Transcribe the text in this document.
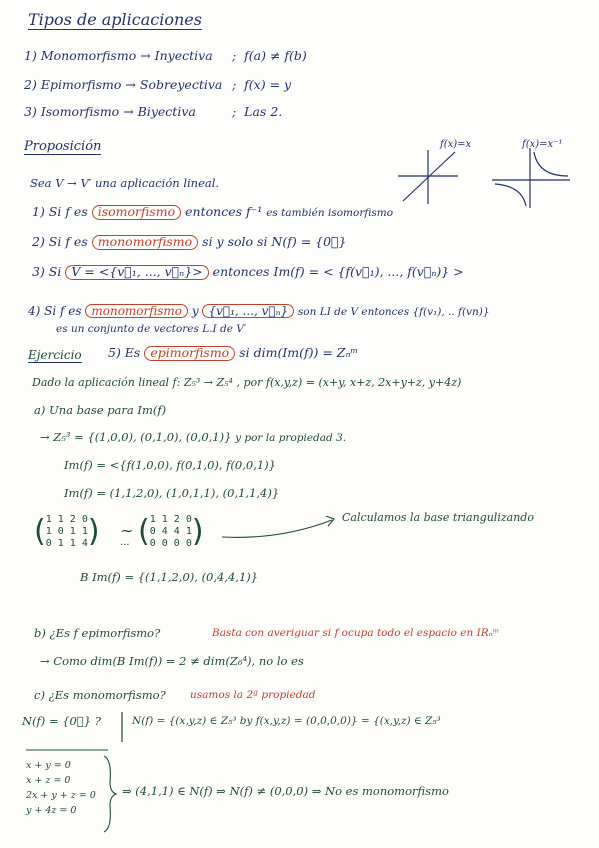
Tipos de aplicaciones
1) Monomorfismo → Inyectiva ; f(a) ≠ f(b)
2) Epimorfismo → Sobreyectiva ; f(x) = y
3) Isomorfismo → Biyectiva	; Las 2.
Proposición	f(x)=x	f(x)=x⁻¹
Sea V → V′ una aplicación lineal.
1) Si f es isomorfismo entonces f⁻¹ es también isomorfismo
2) Si f es monomorfismo si y solo si N(f) = {0⃗}
3) Si V = <{v⃗₁, ..., v⃗ₙ}> entonces Im(f) = < {f(v⃗₁), ..., f(v⃗ₙ)} >
4) Si f es monomorfismo y {v⃗₁, ..., v⃗ₙ} son LI de V entonces {f(v₁), .. f(vn)}
es un conjunto de vectores L.I de V′
Ejercicio 5) Es epimorfismo si dim(Im(f)) = Zₙᵐ
Dado la aplicación lineal f: Z₅³ → Z₅⁴ , por f(x,y,z) = (x+y, x+z, 2x+y+z, y+4z)
a) Una base para Im(f)
→ Z₅³ = {(1,0,0), (0,1,0), (0,0,1)} y por la propiedad 3.
Im(f) = <{f(1,0,0), f(0,1,0), f(0,0,1)}
Im(f) = (1,1,2,0), (1,0,1,1), (0,1,1,4)}
( 1 1 2 0
1 0 1 1
0 1 1 4 ) ∼
... ( 1 1 2 0
0 4 4 1
0 0 0 0 )	Calculamos la base triangulizando
B Im(f) = {(1,1,2,0), (0,4,4,1)}
b) ¿Es f epimorfismo?	Basta con averiguar si f ocupa todo el espacio en IRₙᵐ
→ Como dim(B Im(f)) = 2 ≠ dim(Z₆⁴), no lo es
c) ¿Es monomorfismo? usamos la 2ª propiedad
N(f) = {0⃗} ?	N(f) = {(x,y,z) ∈ Z₅³ by f(x,y,z) = (0,0,0,0)} = {(x,y,z) ∈ Z₅³
x + y = 0
x + z = 0
2x + y + z = 0
y + 4z = 0
⇒ (4,1,1) ∈ N(f) ⇒ N(f) ≠ (0,0,0) ⇒ No es monomorfismo
